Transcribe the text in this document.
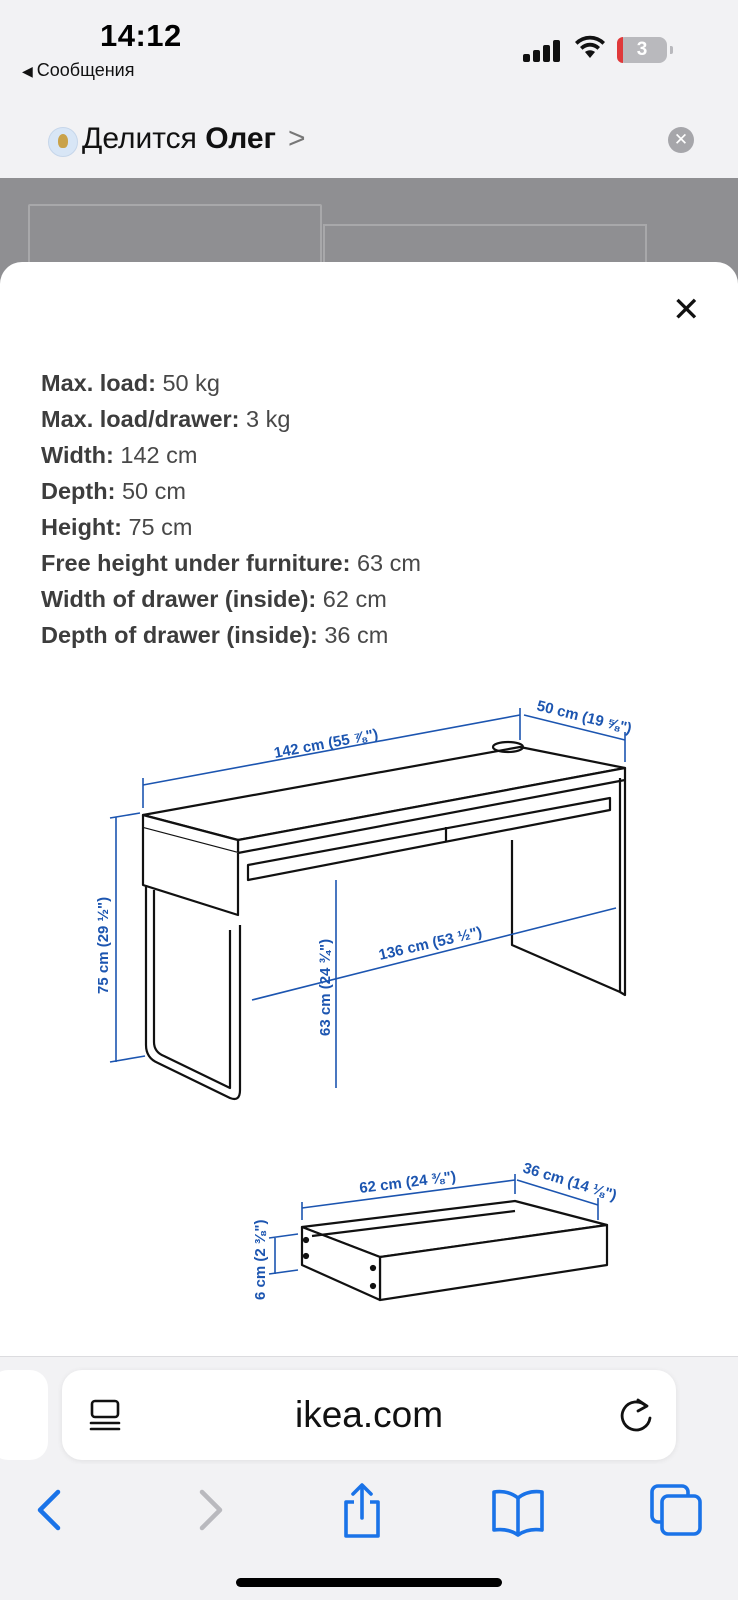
14:12
◀ Сообщения
3
Делится Олег >	✕
✕
Max. load: 50 kg
Max. load/drawer: 3 kg
Width: 142 cm
Depth: 50 cm
Height: 75 cm
Free height under furniture: 63 cm
Width of drawer (inside): 62 cm
Depth of drawer (inside): 36 cm
142 cm (55 ⅞")
50 cm (19 ⅝")
75 cm (29 ½")	63 cm (24 ¾")	136 cm (53 ½")
62 cm (24 ⅜")	36 cm (14 ⅛")
6 cm (2 ⅜")
ikea.com
